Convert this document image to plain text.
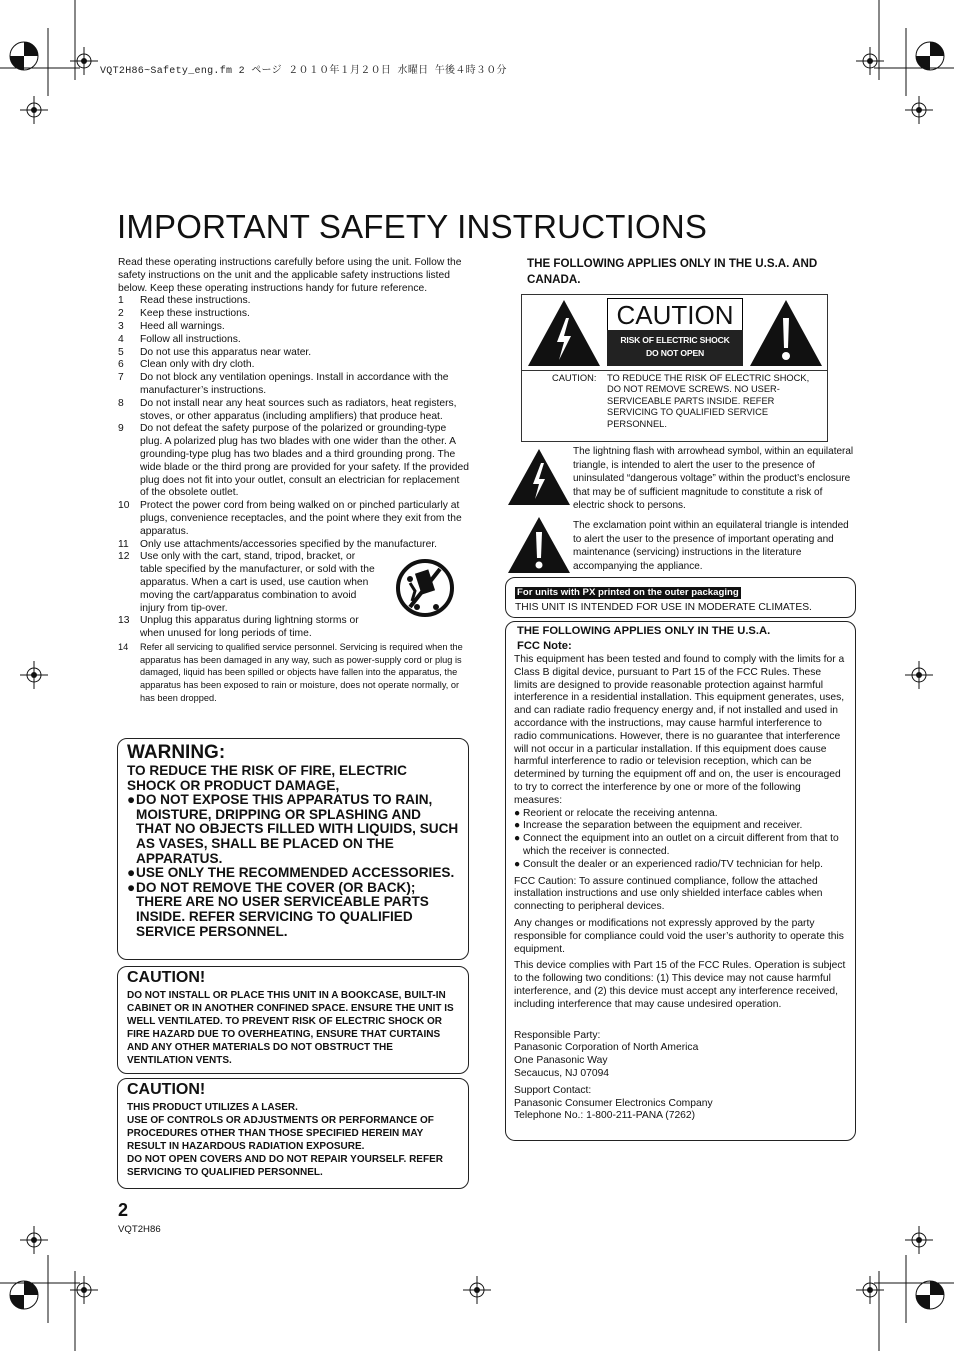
VQT2H86~Safety_eng.fm 2 ページ ２０１０年１月２０日 水曜日 午後４時３０分
IMPORTANT SAFETY INSTRUCTIONS
Read these operating instructions carefully before using the unit. Follow the safety instructions on the unit and the applicable safety instructions listed below. Keep these operating instructions handy for future reference.
1	Read these instructions.
2	Keep these instructions.
3	Heed all warnings.
4	Follow all instructions.
5	Do not use this apparatus near water.
6	Clean only with dry cloth.
7	Do not block any ventilation openings. Install in accordance with the manufacturer’s instructions.
8	Do not install near any heat sources such as radiators, heat registers, stoves, or other apparatus (including amplifiers) that produce heat.
9	Do not defeat the safety purpose of the polarized or grounding-type plug. A polarized plug has two blades with one wider than the other. A grounding-type plug has two blades and a third grounding prong. The wide blade or the third prong are provided for your safety. If the provided plug does not fit into your outlet, consult an electrician for replacement of the obsolete outlet.
10	Protect the power cord from being walked on or pinched particularly at plugs, convenience receptacles, and the point where they exit from the apparatus.
11	Only use attachments/accessories specified by the manufacturer.
12	Use only with the cart, stand, tripod, bracket, or table specified by the manufacturer, or sold with the apparatus. When a cart is used, use caution when moving the cart/apparatus combination to avoid injury from tip-over.
13	Unplug this apparatus during lightning storms or when unused for long periods of time.
14	Refer all servicing to qualified service personnel. Servicing is required when the apparatus has been damaged in any way, such as power-supply cord or plug is damaged, liquid has been spilled or objects have fallen into the apparatus, the apparatus has been exposed to rain or moisture, does not operate normally, or has been dropped.
WARNING:
TO REDUCE THE RISK OF FIRE, ELECTRIC SHOCK OR PRODUCT DAMAGE,
● DO NOT EXPOSE THIS APPARATUS TO RAIN, MOISTURE, DRIPPING OR SPLASHING AND THAT NO OBJECTS FILLED WITH LIQUIDS, SUCH AS VASES, SHALL BE PLACED ON THE APPARATUS.
● USE ONLY THE RECOMMENDED ACCESSORIES.
● DO NOT REMOVE THE COVER (OR BACK); THERE ARE NO USER SERVICEABLE PARTS INSIDE. REFER SERVICING TO QUALIFIED SERVICE PERSONNEL.
CAUTION!
DO NOT INSTALL OR PLACE THIS UNIT IN A BOOKCASE, BUILT-IN CABINET OR IN ANOTHER CONFINED SPACE. ENSURE THE UNIT IS WELL VENTILATED. TO PREVENT RISK OF ELECTRIC SHOCK OR FIRE HAZARD DUE TO OVERHEATING, ENSURE THAT CURTAINS AND ANY OTHER MATERIALS DO NOT OBSTRUCT THE VENTILATION VENTS.
CAUTION!
THIS PRODUCT UTILIZES A LASER.
USE OF CONTROLS OR ADJUSTMENTS OR PERFORMANCE OF PROCEDURES OTHER THAN THOSE SPECIFIED HEREIN MAY RESULT IN HAZARDOUS RADIATION EXPOSURE.
DO NOT OPEN COVERS AND DO NOT REPAIR YOURSELF. REFER SERVICING TO QUALIFIED PERSONNEL.
2
VQT2H86
THE FOLLOWING APPLIES ONLY IN THE U.S.A. AND CANADA.
CAUTION
RISK OF ELECTRIC SHOCK
DO NOT OPEN
CAUTION:	TO REDUCE THE RISK OF ELECTRIC SHOCK, DO NOT REMOVE SCREWS. NO USER-SERVICEABLE PARTS INSIDE. REFER SERVICING TO QUALIFIED SERVICE PERSONNEL.
The lightning flash with arrowhead symbol, within an equilateral triangle, is intended to alert the user to the presence of uninsulated “dangerous voltage” within the product’s enclosure that may be of sufficient magnitude to constitute a risk of electric shock to persons.
The exclamation point within an equilateral triangle is intended to alert the user to the presence of important operating and maintenance (servicing) instructions in the literature accompanying the appliance.
For units with PX printed on the outer packaging
THIS UNIT IS INTENDED FOR USE IN MODERATE CLIMATES.
THE FOLLOWING APPLIES ONLY IN THE U.S.A.
FCC Note:
This equipment has been tested and found to comply with the limits for a Class B digital device, pursuant to Part 15 of the FCC Rules. These limits are designed to provide reasonable protection against harmful interference in a residential installation. This equipment generates, uses, and can radiate radio frequency energy and, if not installed and used in accordance with the instructions, may cause harmful interference to radio communications. However, there is no guarantee that interference will not occur in a particular installation. If this equipment does cause harmful interference to radio or television reception, which can be determined by turning the equipment off and on, the user is encouraged to try to correct the interference by one or more of the following measures:
● Reorient or relocate the receiving antenna.
● Increase the separation between the equipment and receiver.
● Connect the equipment into an outlet on a circuit different from that to which the receiver is connected.
● Consult the dealer or an experienced radio/TV technician for help.
FCC Caution: To assure continued compliance, follow the attached installation instructions and use only shielded interface cables when connecting to peripheral devices.
Any changes or modifications not expressly approved by the party responsible for compliance could void the user’s authority to operate this equipment.
This device complies with Part 15 of the FCC Rules. Operation is subject to the following two conditions: (1) This device may not cause harmful interference, and (2) this device must accept any interference received, including interference that may cause undesired operation.
Responsible Party:
Panasonic Corporation of North America
One Panasonic Way
Secaucus, NJ 07094
Support Contact:
Panasonic Consumer Electronics Company
Telephone No.: 1-800-211-PANA (7262)
